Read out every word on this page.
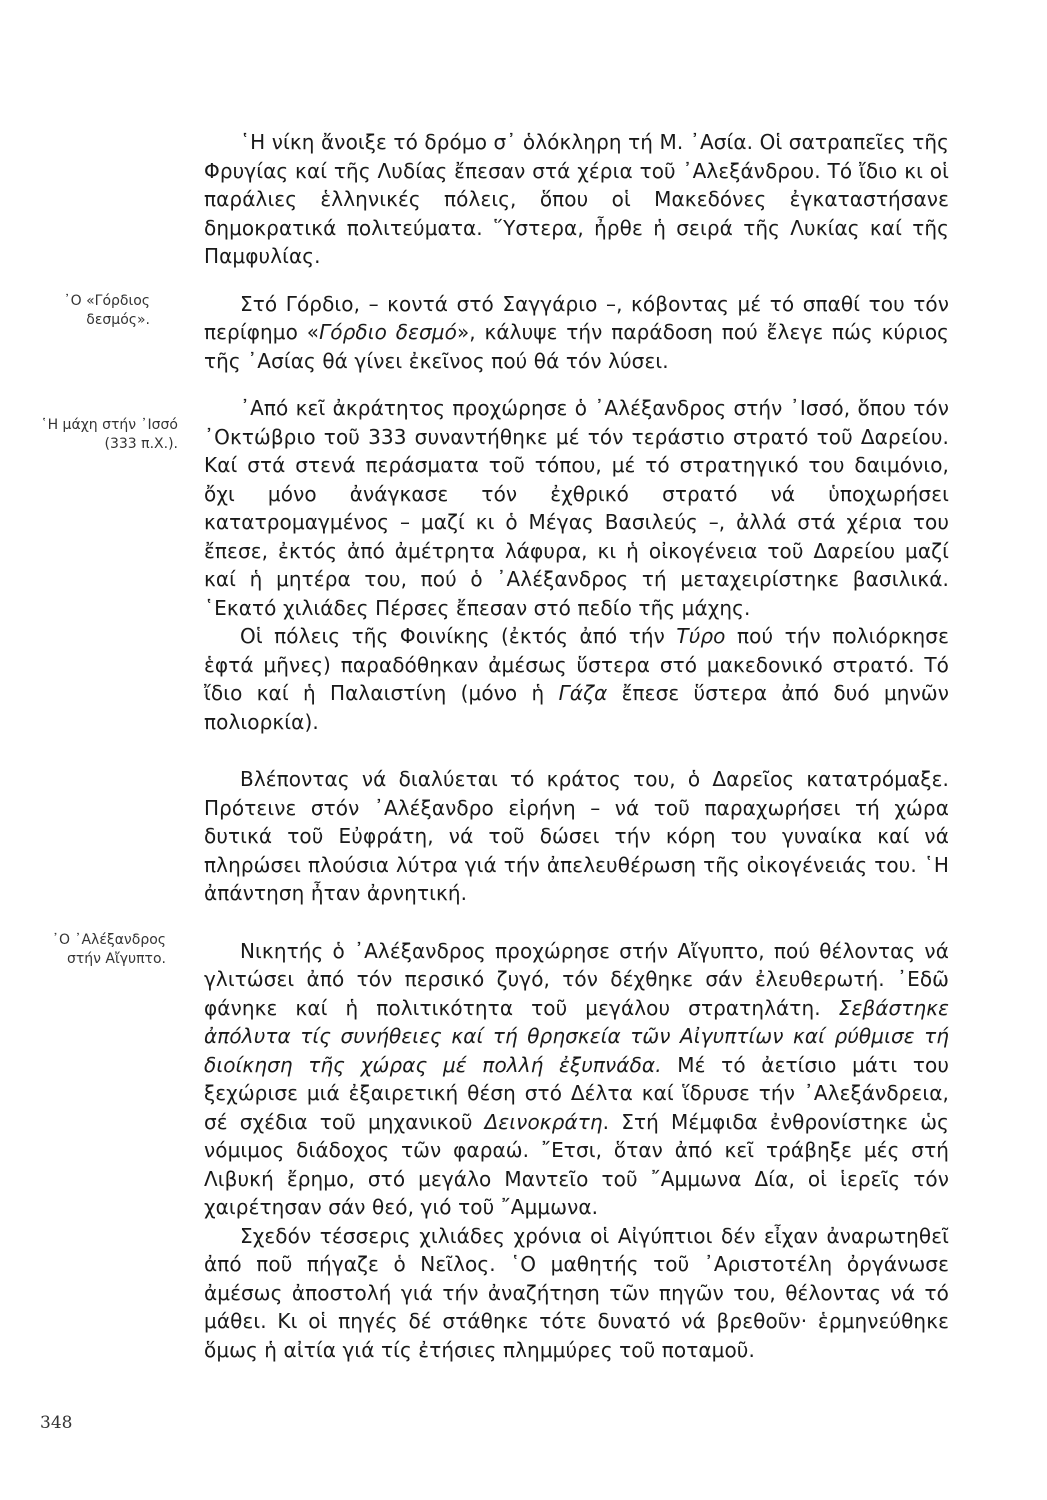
᾿Ο «Γόρδιος
δεσμός».
῾Η μάχη στήν ᾿Ισσό
(333 π.Χ.).
᾿Ο ᾿Αλέξανδρος
στήν Αἴγυπτο.

῾Η νίκη ἄνοιξε τό δρόμο σ᾿ ὁλόκληρη τή Μ. ᾿Ασία. Οἱ σατραπεῖες τῆς Φρυγίας καί τῆς Λυδίας ἔπεσαν στά χέρια τοῦ ᾿Αλεξάνδρου. Τό ἴδιο κι οἱ παράλιες ἑλληνικές πόλεις, ὅπου οἱ Μακεδόνες ἐγκαταστήσανε δημοκρατικά πολιτεύματα. ῞Υστερα, ἦρθε ἡ σειρά τῆς Λυκίας καί τῆς Παμφυλίας.

Στό Γόρδιο, – κοντά στό Σαγγάριο –, κόβοντας μέ τό σπαθί του τόν περίφημο «Γόρδιο δεσμό», κάλυψε τήν παράδοση πού ἔλεγε πώς κύριος τῆς ᾿Ασίας θά γίνει ἐκεῖνος πού θά τόν λύσει.

᾿Από κεῖ ἀκράτητος προχώρησε ὁ ᾿Αλέξανδρος στήν ᾿Ισσό, ὅπου τόν ᾿Οκτώβριο τοῦ 333 συναντήθηκε μέ τόν τεράστιο στρατό τοῦ Δαρείου. Καί στά στενά περάσματα τοῦ τόπου, μέ τό στρατηγικό του δαιμόνιο, ὄχι μόνο ἀνάγκασε τόν ἐχθρικό στρατό νά ὑποχωρήσει κατατρομαγμένος – μαζί κι ὁ Μέγας Βασιλεύς –, ἀλλά στά χέρια του ἔπεσε, ἐκτός ἀπό ἀμέτρητα λάφυρα, κι ἡ οἰκογένεια τοῦ Δαρείου μαζί καί ἡ μητέρα του, πού ὁ ᾿Αλέξανδρος τή μεταχειρίστηκε βασιλικά. ῾Εκατό χιλιάδες Πέρσες ἔπεσαν στό πεδίο τῆς μάχης.

Οἱ πόλεις τῆς Φοινίκης (ἐκτός ἀπό τήν Τύρο πού τήν πολιόρκησε ἑφτά μῆνες) παραδόθηκαν ἀμέσως ὕστερα στό μακεδονικό στρατό. Τό ἴδιο καί ἡ Παλαιστίνη (μόνο ἡ Γάζα ἔπεσε ὕστερα ἀπό δυό μηνῶν πολιορκία).

Βλέποντας νά διαλύεται τό κράτος του, ὁ Δαρεῖος κατατρόμαξε. Πρότεινε στόν ᾿Αλέξανδρο εἰρήνη – νά τοῦ παραχωρήσει τή χώρα δυτικά τοῦ Εὐφράτη, νά τοῦ δώσει τήν κόρη του γυναίκα καί νά πληρώσει πλούσια λύτρα γιά τήν ἀπελευθέρωση τῆς οἰκογένειάς του. ῾Η ἀπάντηση ἦταν ἀρνητική.

Νικητής ὁ ᾿Αλέξανδρος προχώρησε στήν Αἴγυπτο, πού θέλοντας νά γλιτώσει ἀπό τόν περσικό ζυγό, τόν δέχθηκε σάν ἐλευθερωτή. ᾿Εδῶ φάνηκε καί ἡ πολιτικότητα τοῦ μεγάλου στρατηλάτη. Σεβάστηκε ἀπόλυτα τίς συνήθειες καί τή θρησκεία τῶν Αἰγυπτίων καί ρύθμισε τή διοίκηση τῆς χώρας μέ πολλή ἐξυπνάδα. Μέ τό ἀετίσιο μάτι του ξεχώρισε μιά ἐξαιρετική θέση στό Δέλτα καί ἵδρυσε τήν ᾿Αλεξάνδρεια, σέ σχέδια τοῦ μηχανικοῦ Δεινοκράτη. Στή Μέμφιδα ἐνθρονίστηκε ὡς νόμιμος διάδοχος τῶν φαραώ. ῎Ετσι, ὅταν ἀπό κεῖ τράβηξε μές στή Λιβυκή ἔρημο, στό μεγάλο Μαντεῖο τοῦ ῎Αμμωνα Δία, οἱ ἱερεῖς τόν χαιρέτησαν σάν θεό, γιό τοῦ ῎Αμμωνα.

Σχεδόν τέσσερις χιλιάδες χρόνια οἱ Αἰγύπτιοι δέν εἶχαν ἀναρωτηθεῖ ἀπό ποῦ πήγαζε ὁ Νεῖλος. ῾Ο μαθητής τοῦ ᾿Αριστοτέλη ὀργάνωσε ἀμέσως ἀποστολή γιά τήν ἀναζήτηση τῶν πηγῶν του, θέλοντας νά τό μάθει. Κι οἱ πηγές δέ στάθηκε τότε δυνατό νά βρεθοῦν· ἑρμηνεύθηκε ὅμως ἡ αἰτία γιά τίς ἐτήσιες πλημμύρες τοῦ ποταμοῦ.

348
